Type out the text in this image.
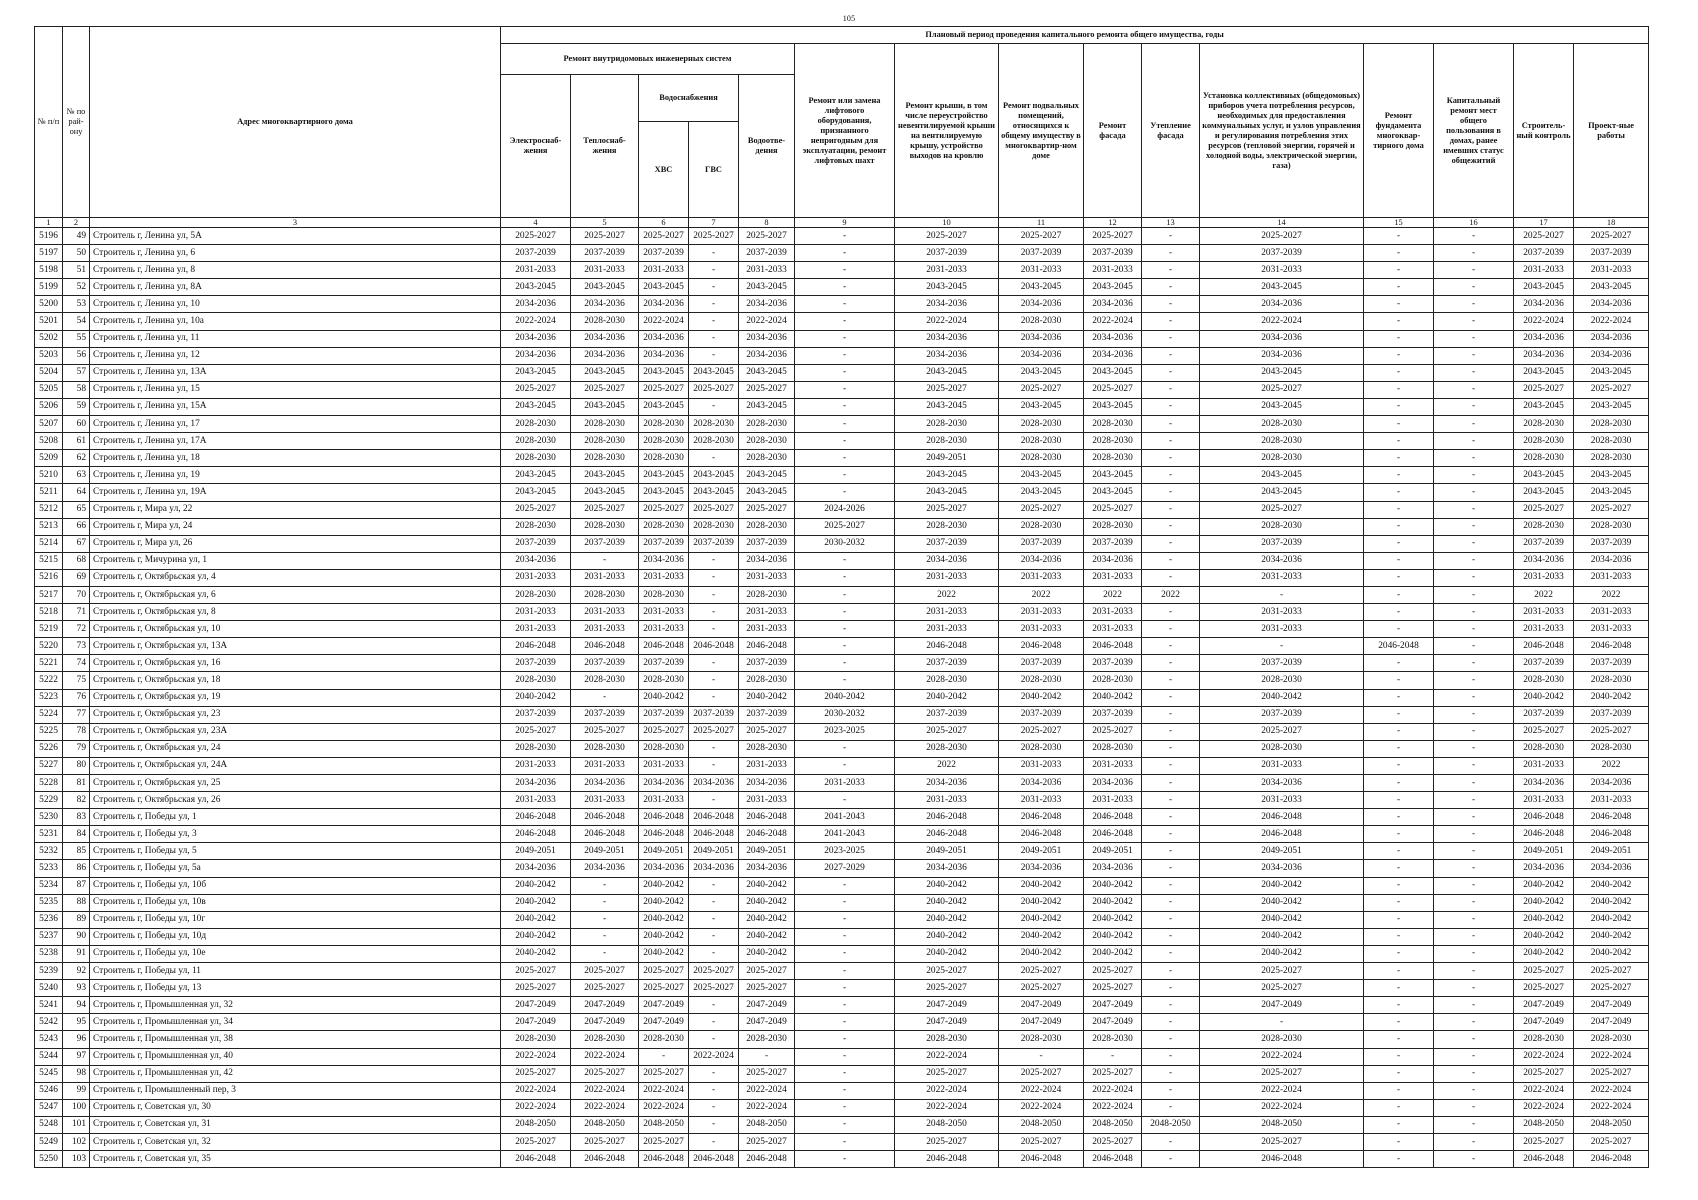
105
№ п/п	№ по рай-ону	Адрес многоквартирного дома	Плановый период проведения капитального ремонта общего имущества, годы														
			Ремонт внутридомовых инженерных систем					Ремонт или замена лифтового оборудования, признанного непригодным для эксплуатации, ремонт лифтовых шахт	Ремонт крыши, в том числе переустройство невентилируемой крыши на вентилируемую крышу, устройство выходов на кровлю	Ремонт подвальных помещений, относящихся к общему имуществу в многоквартир-ном доме	Ремонт фасада	Утепление фасада	Установка коллективных (общедомовых) приборов учета потребления ресурсов, необходимых для предоставления коммунальных услуг, и узлов управления и регулирования потребления этих ресурсов (тепловой энергии, горячей и холодной воды, электрической энергии, газа)	Ремонт фундамента многоквар-тирного дома	Капитальный ремонт мест общего пользования в домах, ранее имевших статус общежитий	Строитель-ный контроль	Проект-ные работы
			Электроснаб-жения	Теплоснаб-жения	Водоснабжения		Водоотве-дения										
					ХВС	ГВС											
1	2	3	4	5	6	7	8	9	10	11	12	13	14	15	16	17	18
5196	49	Строитель г, Ленина ул, 5А	2025-2027	2025-2027	2025-2027	2025-2027	2025-2027	-	2025-2027	2025-2027	2025-2027	-	2025-2027	-	-	2025-2027	2025-2027
5197	50	Строитель г, Ленина ул, 6	2037-2039	2037-2039	2037-2039	-	2037-2039	-	2037-2039	2037-2039	2037-2039	-	2037-2039	-	-	2037-2039	2037-2039
5198	51	Строитель г, Ленина ул, 8	2031-2033	2031-2033	2031-2033	-	2031-2033	-	2031-2033	2031-2033	2031-2033	-	2031-2033	-	-	2031-2033	2031-2033
5199	52	Строитель г, Ленина ул, 8А	2043-2045	2043-2045	2043-2045	-	2043-2045	-	2043-2045	2043-2045	2043-2045	-	2043-2045	-	-	2043-2045	2043-2045
5200	53	Строитель г, Ленина ул, 10	2034-2036	2034-2036	2034-2036	-	2034-2036	-	2034-2036	2034-2036	2034-2036	-	2034-2036	-	-	2034-2036	2034-2036
5201	54	Строитель г, Ленина ул, 10а	2022-2024	2028-2030	2022-2024	-	2022-2024	-	2022-2024	2028-2030	2022-2024	-	2022-2024	-	-	2022-2024	2022-2024
5202	55	Строитель г, Ленина ул, 11	2034-2036	2034-2036	2034-2036	-	2034-2036	-	2034-2036	2034-2036	2034-2036	-	2034-2036	-	-	2034-2036	2034-2036
5203	56	Строитель г, Ленина ул, 12	2034-2036	2034-2036	2034-2036	-	2034-2036	-	2034-2036	2034-2036	2034-2036	-	2034-2036	-	-	2034-2036	2034-2036
5204	57	Строитель г, Ленина ул, 13А	2043-2045	2043-2045	2043-2045	2043-2045	2043-2045	-	2043-2045	2043-2045	2043-2045	-	2043-2045	-	-	2043-2045	2043-2045
5205	58	Строитель г, Ленина ул, 15	2025-2027	2025-2027	2025-2027	2025-2027	2025-2027	-	2025-2027	2025-2027	2025-2027	-	2025-2027	-	-	2025-2027	2025-2027
5206	59	Строитель г, Ленина ул, 15А	2043-2045	2043-2045	2043-2045	-	2043-2045	-	2043-2045	2043-2045	2043-2045	-	2043-2045	-	-	2043-2045	2043-2045
5207	60	Строитель г, Ленина ул, 17	2028-2030	2028-2030	2028-2030	2028-2030	2028-2030	-	2028-2030	2028-2030	2028-2030	-	2028-2030	-	-	2028-2030	2028-2030
5208	61	Строитель г, Ленина ул, 17А	2028-2030	2028-2030	2028-2030	2028-2030	2028-2030	-	2028-2030	2028-2030	2028-2030	-	2028-2030	-	-	2028-2030	2028-2030
5209	62	Строитель г, Ленина ул, 18	2028-2030	2028-2030	2028-2030	-	2028-2030	-	2049-2051	2028-2030	2028-2030	-	2028-2030	-	-	2028-2030	2028-2030
5210	63	Строитель г, Ленина ул, 19	2043-2045	2043-2045	2043-2045	2043-2045	2043-2045	-	2043-2045	2043-2045	2043-2045	-	2043-2045	-	-	2043-2045	2043-2045
5211	64	Строитель г, Ленина ул, 19А	2043-2045	2043-2045	2043-2045	2043-2045	2043-2045	-	2043-2045	2043-2045	2043-2045	-	2043-2045	-	-	2043-2045	2043-2045
5212	65	Строитель г, Мира ул, 22	2025-2027	2025-2027	2025-2027	2025-2027	2025-2027	2024-2026	2025-2027	2025-2027	2025-2027	-	2025-2027	-	-	2025-2027	2025-2027
5213	66	Строитель г, Мира ул, 24	2028-2030	2028-2030	2028-2030	2028-2030	2028-2030	2025-2027	2028-2030	2028-2030	2028-2030	-	2028-2030	-	-	2028-2030	2028-2030
5214	67	Строитель г, Мира ул, 26	2037-2039	2037-2039	2037-2039	2037-2039	2037-2039	2030-2032	2037-2039	2037-2039	2037-2039	-	2037-2039	-	-	2037-2039	2037-2039
5215	68	Строитель г, Мичурина ул, 1	2034-2036	-	2034-2036	-	2034-2036	-	2034-2036	2034-2036	2034-2036	-	2034-2036	-	-	2034-2036	2034-2036
5216	69	Строитель г, Октябрьская ул, 4	2031-2033	2031-2033	2031-2033	-	2031-2033	-	2031-2033	2031-2033	2031-2033	-	2031-2033	-	-	2031-2033	2031-2033
5217	70	Строитель г, Октябрьская ул, 6	2028-2030	2028-2030	2028-2030	-	2028-2030	-	2022	2022	2022	2022	-	-	-	2022	2022
5218	71	Строитель г, Октябрьская ул, 8	2031-2033	2031-2033	2031-2033	-	2031-2033	-	2031-2033	2031-2033	2031-2033	-	2031-2033	-	-	2031-2033	2031-2033
5219	72	Строитель г, Октябрьская ул, 10	2031-2033	2031-2033	2031-2033	-	2031-2033	-	2031-2033	2031-2033	2031-2033	-	2031-2033	-	-	2031-2033	2031-2033
5220	73	Строитель г, Октябрьская ул, 13А	2046-2048	2046-2048	2046-2048	2046-2048	2046-2048	-	2046-2048	2046-2048	2046-2048	-	-	2046-2048	-	2046-2048	2046-2048
5221	74	Строитель г, Октябрьская ул, 16	2037-2039	2037-2039	2037-2039	-	2037-2039	-	2037-2039	2037-2039	2037-2039	-	2037-2039	-	-	2037-2039	2037-2039
5222	75	Строитель г, Октябрьская ул, 18	2028-2030	2028-2030	2028-2030	-	2028-2030	-	2028-2030	2028-2030	2028-2030	-	2028-2030	-	-	2028-2030	2028-2030
5223	76	Строитель г, Октябрьская ул, 19	2040-2042	-	2040-2042	-	2040-2042	2040-2042	2040-2042	2040-2042	2040-2042	-	2040-2042	-	-	2040-2042	2040-2042
5224	77	Строитель г, Октябрьская ул, 23	2037-2039	2037-2039	2037-2039	2037-2039	2037-2039	2030-2032	2037-2039	2037-2039	2037-2039	-	2037-2039	-	-	2037-2039	2037-2039
5225	78	Строитель г, Октябрьская ул, 23А	2025-2027	2025-2027	2025-2027	2025-2027	2025-2027	2023-2025	2025-2027	2025-2027	2025-2027	-	2025-2027	-	-	2025-2027	2025-2027
5226	79	Строитель г, Октябрьская ул, 24	2028-2030	2028-2030	2028-2030	-	2028-2030	-	2028-2030	2028-2030	2028-2030	-	2028-2030	-	-	2028-2030	2028-2030
5227	80	Строитель г, Октябрьская ул, 24А	2031-2033	2031-2033	2031-2033	-	2031-2033	-	2022	2031-2033	2031-2033	-	2031-2033	-	-	2031-2033	2022
5228	81	Строитель г, Октябрьская ул, 25	2034-2036	2034-2036	2034-2036	2034-2036	2034-2036	2031-2033	2034-2036	2034-2036	2034-2036	-	2034-2036	-	-	2034-2036	2034-2036
5229	82	Строитель г, Октябрьская ул, 26	2031-2033	2031-2033	2031-2033	-	2031-2033	-	2031-2033	2031-2033	2031-2033	-	2031-2033	-	-	2031-2033	2031-2033
5230	83	Строитель г, Победы ул, 1	2046-2048	2046-2048	2046-2048	2046-2048	2046-2048	2041-2043	2046-2048	2046-2048	2046-2048	-	2046-2048	-	-	2046-2048	2046-2048
5231	84	Строитель г, Победы ул, 3	2046-2048	2046-2048	2046-2048	2046-2048	2046-2048	2041-2043	2046-2048	2046-2048	2046-2048	-	2046-2048	-	-	2046-2048	2046-2048
5232	85	Строитель г, Победы ул, 5	2049-2051	2049-2051	2049-2051	2049-2051	2049-2051	2023-2025	2049-2051	2049-2051	2049-2051	-	2049-2051	-	-	2049-2051	2049-2051
5233	86	Строитель г, Победы ул, 5а	2034-2036	2034-2036	2034-2036	2034-2036	2034-2036	2027-2029	2034-2036	2034-2036	2034-2036	-	2034-2036	-	-	2034-2036	2034-2036
5234	87	Строитель г, Победы ул, 10б	2040-2042	-	2040-2042	-	2040-2042	-	2040-2042	2040-2042	2040-2042	-	2040-2042	-	-	2040-2042	2040-2042
5235	88	Строитель г, Победы ул, 10в	2040-2042	-	2040-2042	-	2040-2042	-	2040-2042	2040-2042	2040-2042	-	2040-2042	-	-	2040-2042	2040-2042
5236	89	Строитель г, Победы ул, 10г	2040-2042	-	2040-2042	-	2040-2042	-	2040-2042	2040-2042	2040-2042	-	2040-2042	-	-	2040-2042	2040-2042
5237	90	Строитель г, Победы ул, 10д	2040-2042	-	2040-2042	-	2040-2042	-	2040-2042	2040-2042	2040-2042	-	2040-2042	-	-	2040-2042	2040-2042
5238	91	Строитель г, Победы ул, 10е	2040-2042	-	2040-2042	-	2040-2042	-	2040-2042	2040-2042	2040-2042	-	2040-2042	-	-	2040-2042	2040-2042
5239	92	Строитель г, Победы ул, 11	2025-2027	2025-2027	2025-2027	2025-2027	2025-2027	-	2025-2027	2025-2027	2025-2027	-	2025-2027	-	-	2025-2027	2025-2027
5240	93	Строитель г, Победы ул, 13	2025-2027	2025-2027	2025-2027	2025-2027	2025-2027	-	2025-2027	2025-2027	2025-2027	-	2025-2027	-	-	2025-2027	2025-2027
5241	94	Строитель г, Промышленная ул, 32	2047-2049	2047-2049	2047-2049	-	2047-2049	-	2047-2049	2047-2049	2047-2049	-	2047-2049	-	-	2047-2049	2047-2049
5242	95	Строитель г, Промышленная ул, 34	2047-2049	2047-2049	2047-2049	-	2047-2049	-	2047-2049	2047-2049	2047-2049	-	-	-	-	2047-2049	2047-2049
5243	96	Строитель г, Промышленная ул, 38	2028-2030	2028-2030	2028-2030	-	2028-2030	-	2028-2030	2028-2030	2028-2030	-	2028-2030	-	-	2028-2030	2028-2030
5244	97	Строитель г, Промышленная ул, 40	2022-2024	2022-2024	-	2022-2024	-	-	2022-2024	-	-	-	2022-2024	-	-	2022-2024	2022-2024
5245	98	Строитель г, Промышленная ул, 42	2025-2027	2025-2027	2025-2027	-	2025-2027	-	2025-2027	2025-2027	2025-2027	-	2025-2027	-	-	2025-2027	2025-2027
5246	99	Строитель г, Промышленный пер, 3	2022-2024	2022-2024	2022-2024	-	2022-2024	-	2022-2024	2022-2024	2022-2024	-	2022-2024	-	-	2022-2024	2022-2024
5247	100	Строитель г, Советская ул, 30	2022-2024	2022-2024	2022-2024	-	2022-2024	-	2022-2024	2022-2024	2022-2024	-	2022-2024	-	-	2022-2024	2022-2024
5248	101	Строитель г, Советская ул, 31	2048-2050	2048-2050	2048-2050	-	2048-2050	-	2048-2050	2048-2050	2048-2050	2048-2050	2048-2050	-	-	2048-2050	2048-2050
5249	102	Строитель г, Советская ул, 32	2025-2027	2025-2027	2025-2027	-	2025-2027	-	2025-2027	2025-2027	2025-2027	-	2025-2027	-	-	2025-2027	2025-2027
5250	103	Строитель г, Советская ул, 35	2046-2048	2046-2048	2046-2048	2046-2048	2046-2048	-	2046-2048	2046-2048	2046-2048	-	2046-2048	-	-	2046-2048	2046-2048
